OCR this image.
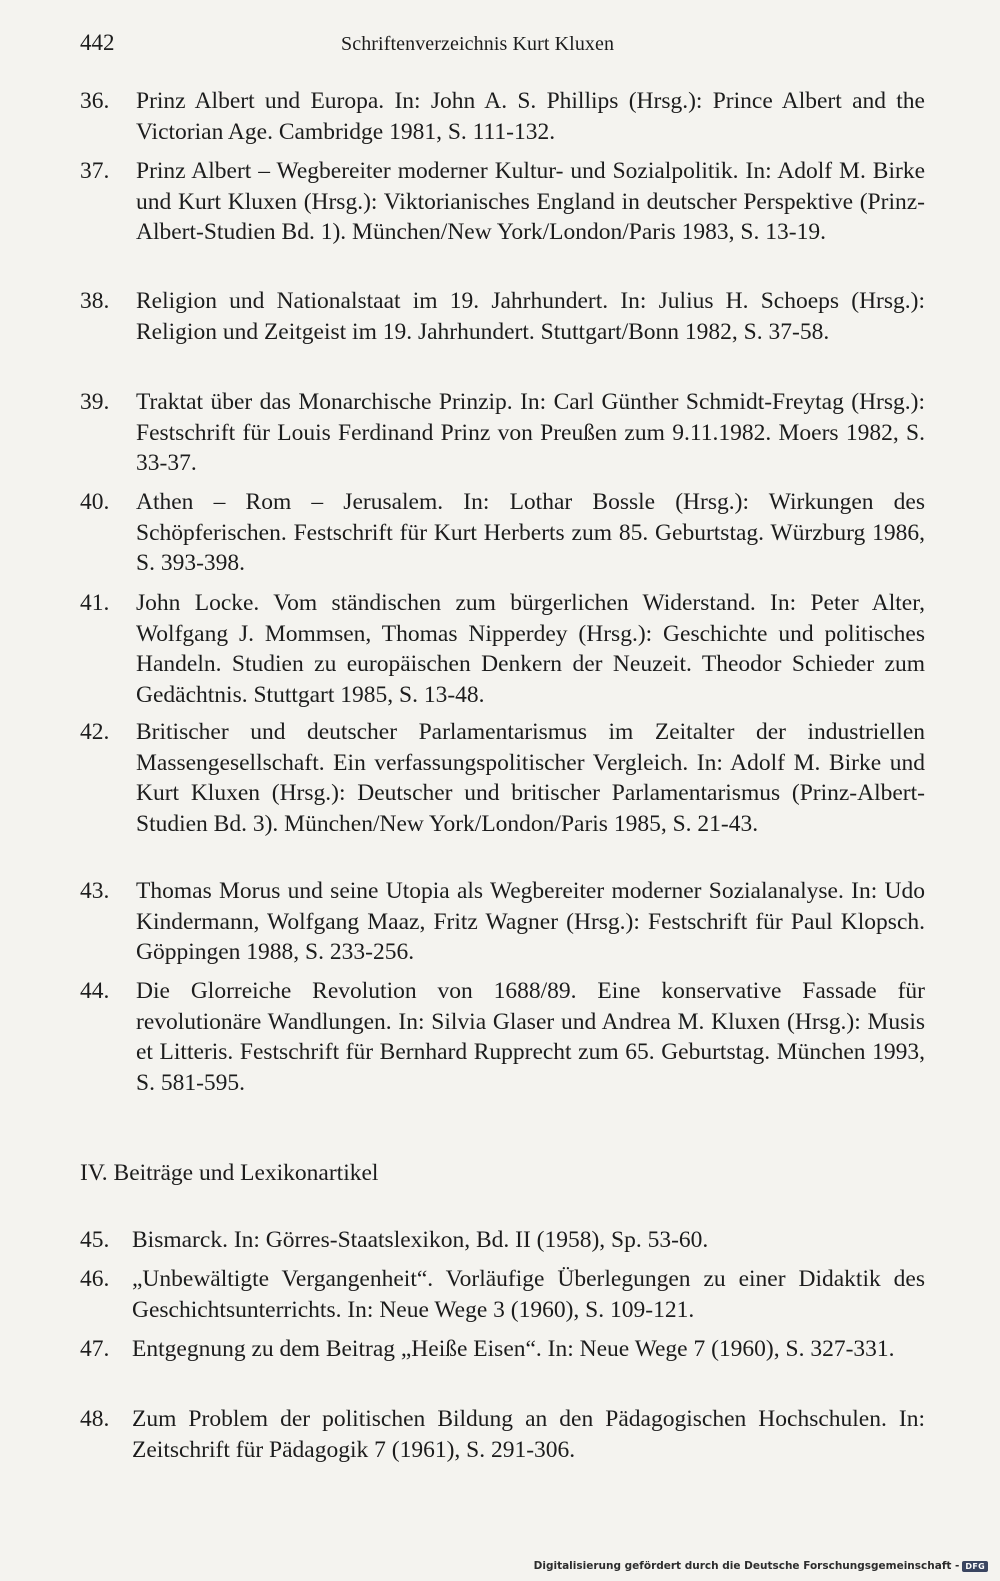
442	Schriftenverzeichnis Kurt Kluxen
36.	Prinz Albert und Europa. In: John A. S. Phillips (Hrsg.): Prince Albert and the Victorian Age. Cambridge 1981, S. 111-132.
37.	Prinz Albert – Wegbereiter moderner Kultur- und Sozialpolitik. In: Adolf M. Birke und Kurt Kluxen (Hrsg.): Viktorianisches England in deutscher Perspektive (Prinz-Albert-Studien Bd. 1). München/New York/London/Paris 1983, S. 13-19.
38.	Religion und Nationalstaat im 19. Jahrhundert. In: Julius H. Schoeps (Hrsg.): Religion und Zeitgeist im 19. Jahrhundert. Stuttgart/Bonn 1982, S. 37-58.
39.	Traktat über das Monarchische Prinzip. In: Carl Günther Schmidt-Freytag (Hrsg.): Festschrift für Louis Ferdinand Prinz von Preußen zum 9.11.1982. Moers 1982, S. 33-37.
40.	Athen – Rom – Jerusalem. In: Lothar Bossle (Hrsg.): Wirkungen des Schöpferischen. Festschrift für Kurt Herberts zum 85. Geburtstag. Würzburg 1986, S. 393-398.
41.	John Locke. Vom ständischen zum bürgerlichen Widerstand. In: Peter Alter, Wolfgang J. Mommsen, Thomas Nipperdey (Hrsg.): Geschichte und politisches Handeln. Studien zu europäischen Denkern der Neuzeit. Theodor Schieder zum Gedächtnis. Stuttgart 1985, S. 13-48.
42.	Britischer und deutscher Parlamentarismus im Zeitalter der industriellen Massengesellschaft. Ein verfassungspolitischer Vergleich. In: Adolf M. Birke und Kurt Kluxen (Hrsg.): Deutscher und britischer Parlamentarismus (Prinz-Albert-Studien Bd. 3). München/New York/London/Paris 1985, S. 21-43.
43.	Thomas Morus und seine Utopia als Wegbereiter moderner Sozialanalyse. In: Udo Kindermann, Wolfgang Maaz, Fritz Wagner (Hrsg.): Festschrift für Paul Klopsch. Göppingen 1988, S. 233-256.
44.	Die Glorreiche Revolution von 1688/89. Eine konservative Fassade für revolutionäre Wandlungen. In: Silvia Glaser und Andrea M. Kluxen (Hrsg.): Musis et Litteris. Festschrift für Bernhard Rupprecht zum 65. Geburtstag. München 1993, S. 581-595.
IV. Beiträge und Lexikonartikel
45. Bismarck. In: Görres-Staatslexikon, Bd. II (1958), Sp. 53-60.
46. „Unbewältigte Vergangenheit“. Vorläufige Überlegungen zu einer Didaktik des Geschichtsunterrichts. In: Neue Wege 3 (1960), S. 109-121.
47. Entgegnung zu dem Beitrag „Heiße Eisen“. In: Neue Wege 7 (1960), S. 327-331.
48. Zum Problem der politischen Bildung an den Pädagogischen Hochschulen. In: Zeitschrift für Pädagogik 7 (1961), S. 291-306.
Digitalisierung gefördert durch die Deutsche Forschungsgemeinschaft - DFG
